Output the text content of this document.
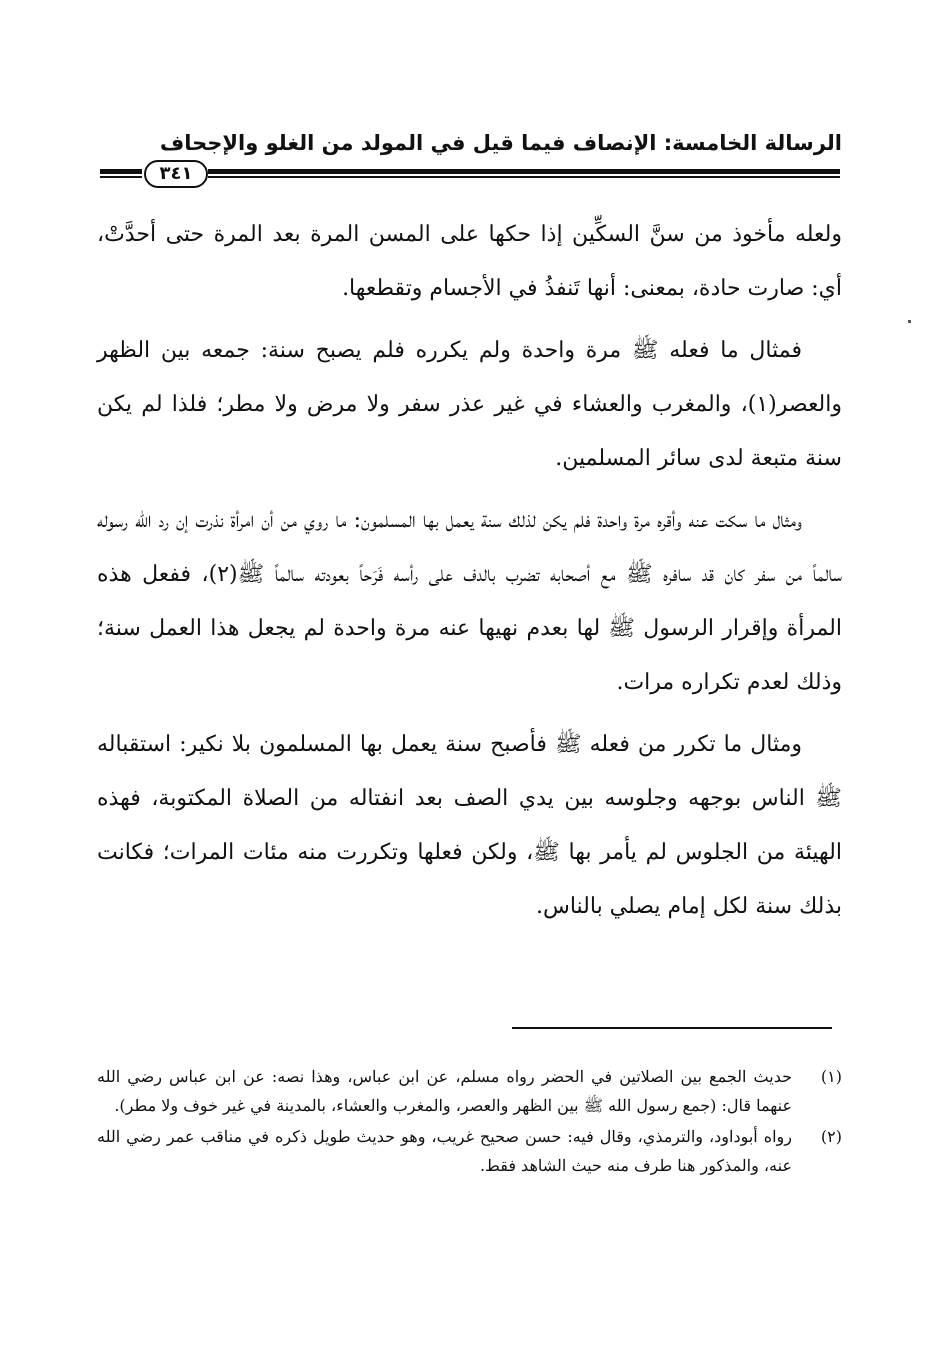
الرسالة الخامسة: الإنصاف فيما قيل في المولد من الغلو والإجحاف
٣٤١

ولعله مأخوذ من سنَّ السكِّين إذا حكها على المسن المرة بعد المرة حتى أحدَّتْ، أي: صارت حادة، بمعنى: أنها تَنفذُ في الأجسام وتقطعها.

فمثال ما فعله ﷺ مرة واحدة ولم يكرره فلم يصبح سنة: جمعه بين الظهر والعصر(١)، والمغرب والعشاء في غير عذر سفر ولا مرض ولا مطر؛ فلذا لم يكن سنة متبعة لدى سائر المسلمين.

ومثال ما سكت عنه وأقره مرة واحدة فلم يكن لذلك سنة يعمل بها المسلمون: ما روي من أن امرأة نذرت إن رد الله رسوله سالماً من سفر كان قد سافره ﷺ مع أصحابه تضرب بالدف على رأسه فَرَحاً بعودته سالماً ﷺ(٢)، ففعل هذه المرأة وإقرار الرسول ﷺ لها بعدم نهيها عنه مرة واحدة لم يجعل هذا العمل سنة؛ وذلك لعدم تكراره مرات.

ومثال ما تكرر من فعله ﷺ فأصبح سنة يعمل بها المسلمون بلا نكير: استقباله ﷺ الناس بوجهه وجلوسه بين يدي الصف بعد انفتاله من الصلاة المكتوبة، فهذه الهيئة من الجلوس لم يأمر بها ﷺ، ولكن فعلها وتكررت منه مئات المرات؛ فكانت بذلك سنة لكل إمام يصلي بالناس.

(١)
حديث الجمع بين الصلاتين في الحضر رواه مسلم، عن ابن عباس، وهذا نصه: عن ابن عباس رضي الله عنهما قال: (جمع رسول الله ﷺ بين الظهر والعصر، والمغرب والعشاء، بالمدينة في غير خوف ولا مطر).
(٢)
رواه أبوداود، والترمذي، وقال فيه: حسن صحيح غريب، وهو حديث طويل ذكره في مناقب عمر رضي الله عنه، والمذكور هنا طرف منه حيث الشاهد فقط.
